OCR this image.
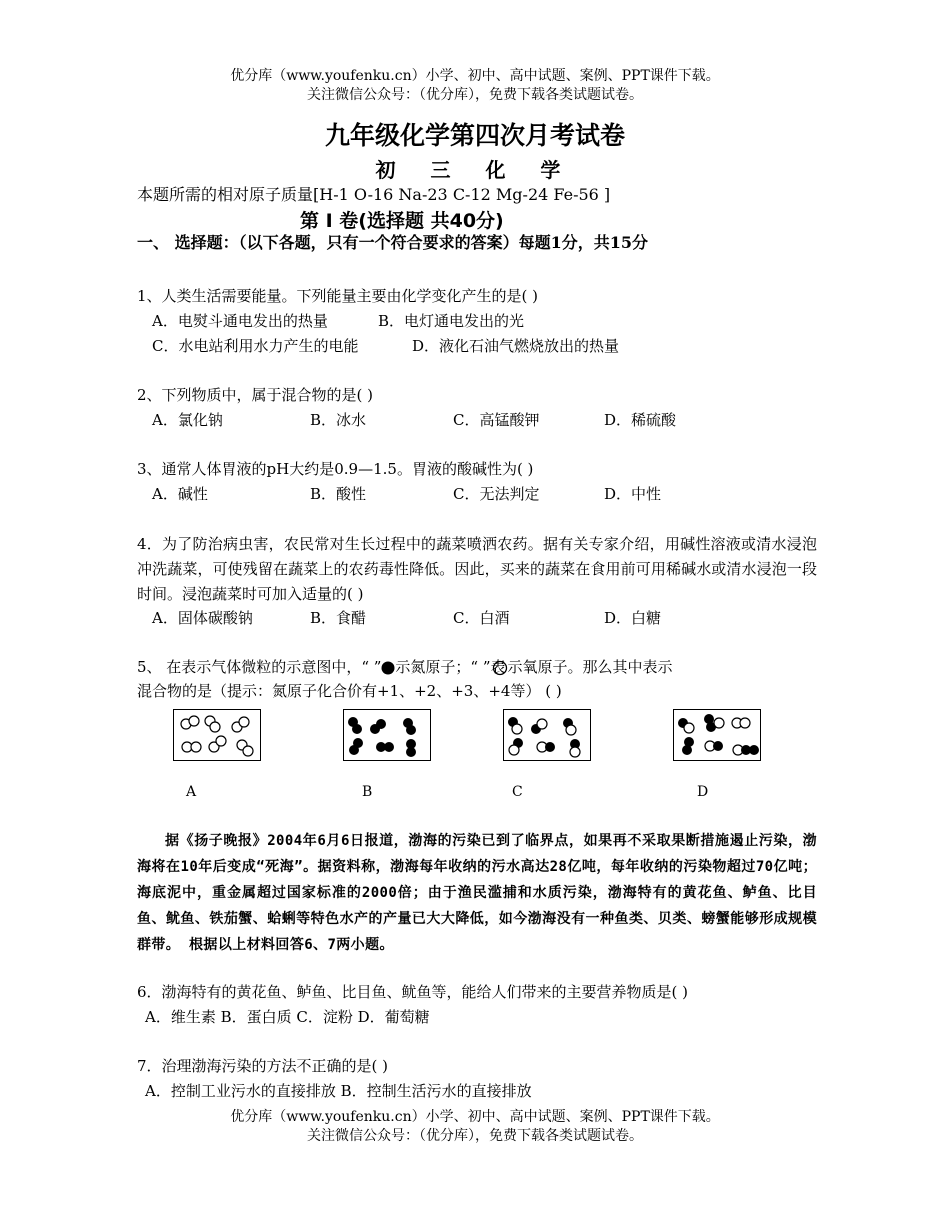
优分库（www.youfenku.cn）小学、初中、高中试题、案例、PPT课件下载。
关注微信公众号：（优分库），免费下载各类试题试卷。
九年级化学第四次月考试卷
初 三 化 学
本题所需的相对原子质量[H-1 O-16 Na-23 C-12 Mg-24 Fe-56 ]
第 Ⅰ 卷(选择题 共40分)
一、 选择题：（以下各题，只有一个符合要求的答案）每题1分，共15分
1、人类生活需要能量。下列能量主要由化学变化产生的是( )
A．电熨斗通电发出的热量	B．电灯通电发出的光
C．水电站利用水力产生的电能	D．液化石油气燃烧放出的热量
2、下列物质中，属于混合物的是( )
A．氯化钠	B．冰水	C．高锰酸钾	D．稀硫酸
3、通常人体胃液的pH大约是0.9—1.5。胃液的酸碱性为( )
A．碱性	B．酸性	C．无法判定	D．中性
4．为了防治病虫害，农民常对生长过程中的蔬菜喷洒农药。据有关专家介绍，用碱性溶液或清水浸泡冲洗蔬菜，可使残留在蔬菜上的农药毒性降低。因此，买来的蔬菜在食用前可用稀碱水或清水浸泡一段时间。浸泡蔬菜时可加入适量的( )
A．固体碳酸钠	B．食醋	C．白酒	D．白糖
5、 在表示气体微粒的示意图中，“ ” 示氮原子；“ ”表 示氧原子。那么其中表示
混合物的是（提示：氮原子化合价有+1、+2、+3、+4等） ( )
A	B	C	D

据《扬子晚报》2004年6月6日报道，渤海的污染已到了临界点，如果再不采取果断措施遏止污染，渤海将在10年后变成“死海”。据资料称，渤海每年收纳的污水高达28亿吨，每年收纳的污染物超过70亿吨；海底泥中，重金属超过国家标准的2000倍；由于渔民滥捕和水质污染，渤海特有的黄花鱼、鲈鱼、比目鱼、鱿鱼、铁茄蟹、蛤蜊等特色水产的产量已大大降低，如今渤海没有一种鱼类、贝类、螃蟹能够形成规模群带。 根据以上材料回答6、7两小题。

6．渤海特有的黄花鱼、鲈鱼、比目鱼、鱿鱼等，能给人们带来的主要营养物质是( )
A．维生素 B．蛋白质 C．淀粉 D．葡萄糖
7．治理渤海污染的方法不正确的是( )
A．控制工业污水的直接排放 B．控制生活污水的直接排放
优分库（www.youfenku.cn）小学、初中、高中试题、案例、PPT课件下载。
关注微信公众号：（优分库），免费下载各类试题试卷。
